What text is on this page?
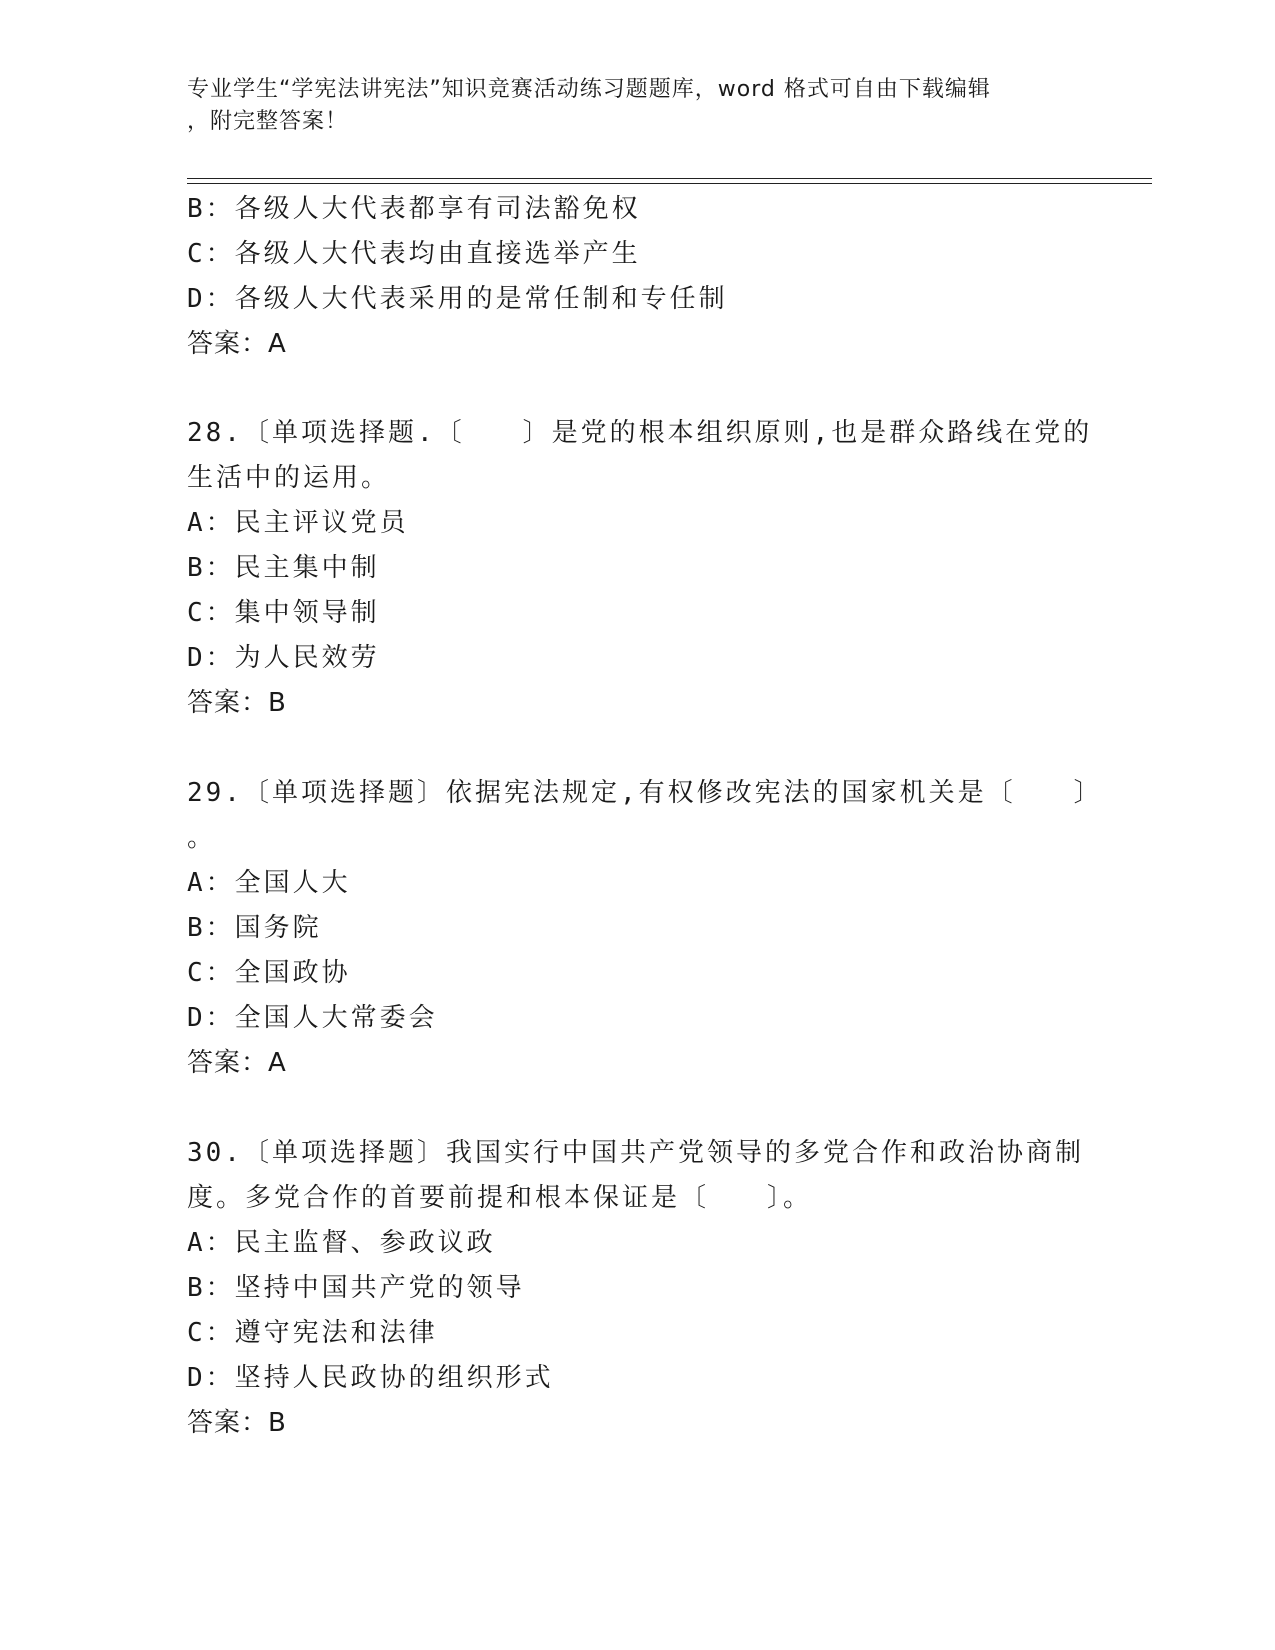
专业学生“学宪法讲宪法”知识竞赛活动练习题题库，word 格式可自由下载编辑
，附完整答案！
B：各级人大代表都享有司法豁免权
C：各级人大代表均由直接选举产生
D：各级人大代表采用的是常任制和专任制
答案：A
28.〔单项选择题.〔　　〕是党的根本组织原则,也是群众路线在党的
生活中的运用。
A：民主评议党员
B：民主集中制
C：集中领导制
D：为人民效劳
答案：B
29.〔单项选择题〕依据宪法规定,有权修改宪法的国家机关是〔　　〕
。
A：全国人大
B：国务院
C：全国政协
D：全国人大常委会
答案：A
30.〔单项选择题〕我国实行中国共产党领导的多党合作和政治协商制
度。多党合作的首要前提和根本保证是〔　　〕。
A：民主监督、参政议政
B：坚持中国共产党的领导
C：遵守宪法和法律
D：坚持人民政协的组织形式
答案：B
